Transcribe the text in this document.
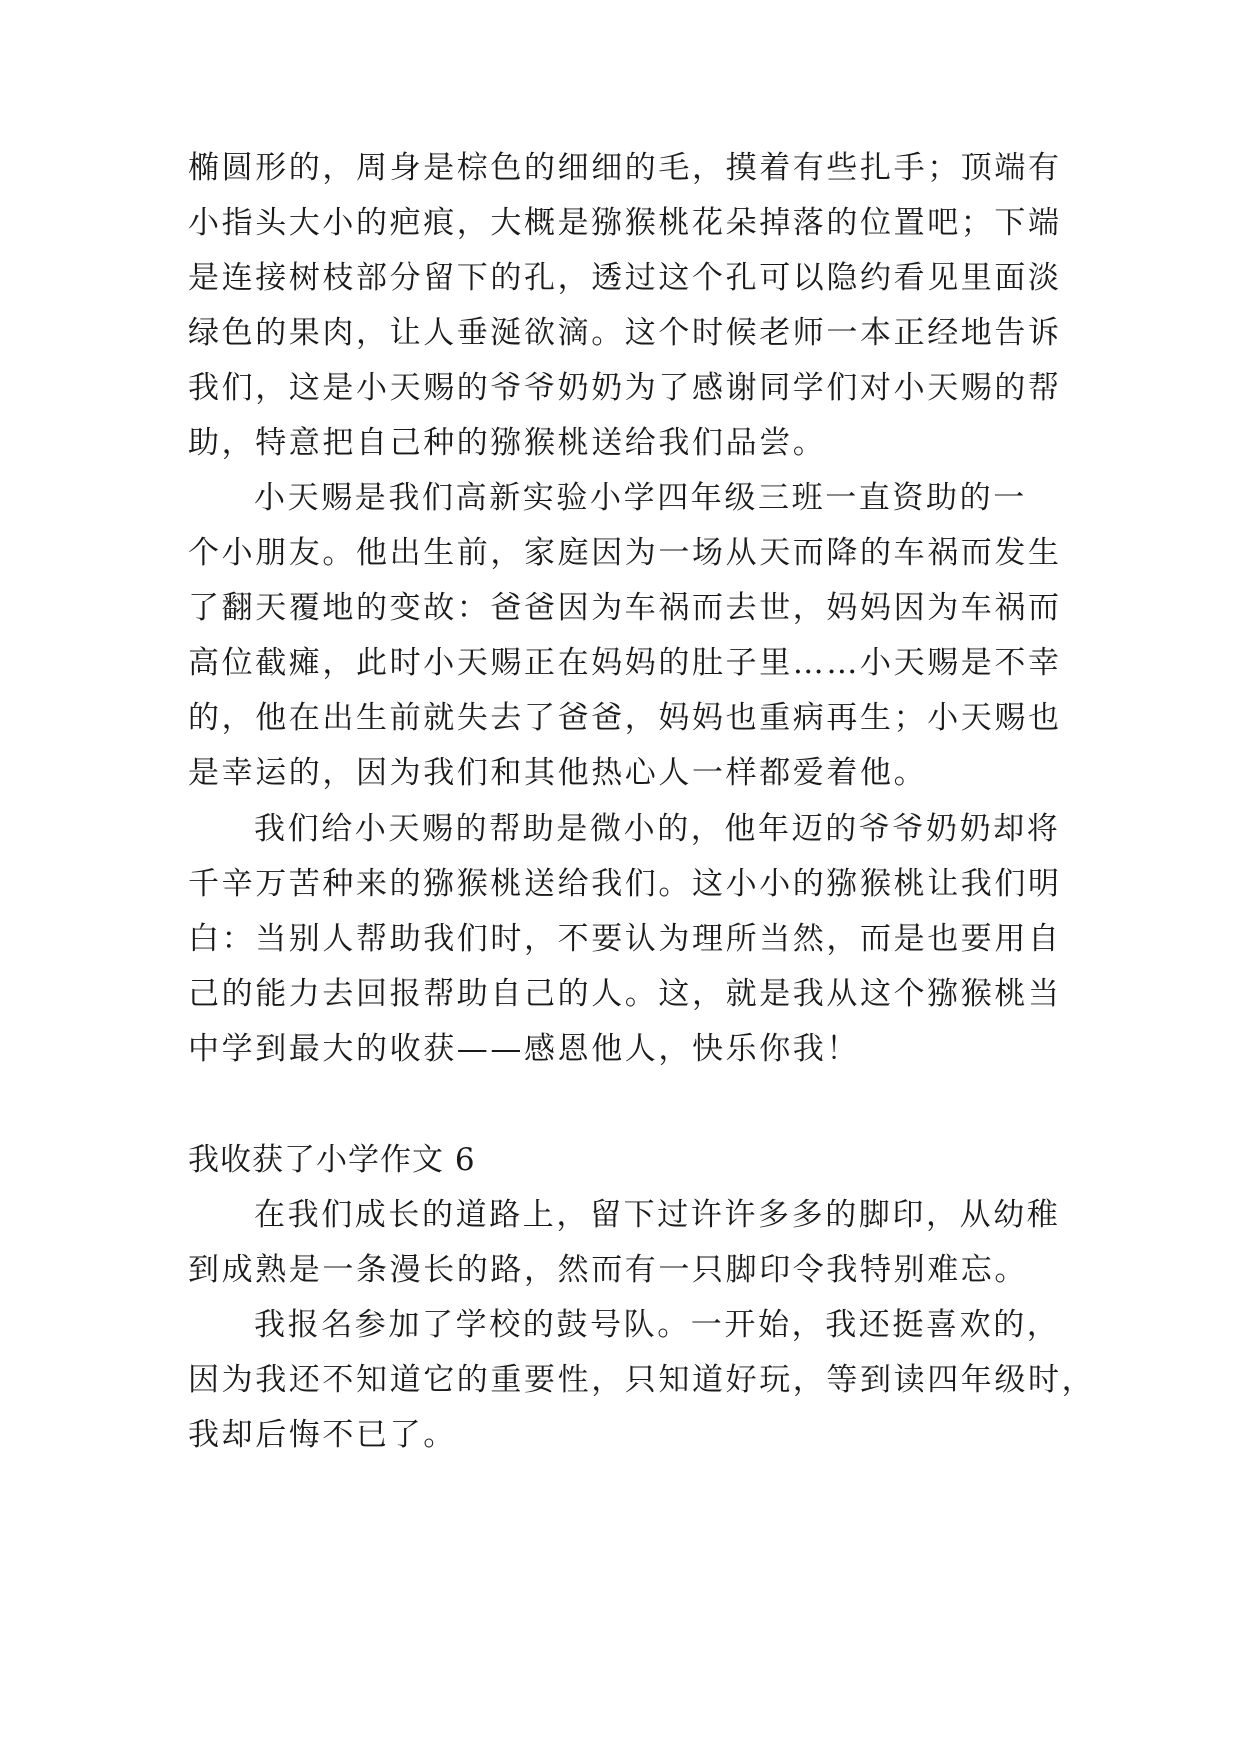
椭圆形的，周身是棕色的细细的毛，摸着有些扎手；顶端有
小指头大小的疤痕，大概是猕猴桃花朵掉落的位置吧；下端
是连接树枝部分留下的孔，透过这个孔可以隐约看见里面淡
绿色的果肉，让人垂涎欲滴。这个时候老师一本正经地告诉
我们，这是小天赐的爷爷奶奶为了感谢同学们对小天赐的帮
助，特意把自己种的猕猴桃送给我们品尝。
小天赐是我们高新实验小学四年级三班一直资助的一
个小朋友。他出生前，家庭因为一场从天而降的车祸而发生
了翻天覆地的变故：爸爸因为车祸而去世，妈妈因为车祸而
高位截瘫，此时小天赐正在妈妈的肚子里……小天赐是不幸
的，他在出生前就失去了爸爸，妈妈也重病再生；小天赐也
是幸运的，因为我们和其他热心人一样都爱着他。
我们给小天赐的帮助是微小的，他年迈的爷爷奶奶却将
千辛万苦种来的猕猴桃送给我们。这小小的猕猴桃让我们明
白：当别人帮助我们时，不要认为理所当然，而是也要用自
己的能力去回报帮助自己的人。这，就是我从这个猕猴桃当
中学到最大的收获——感恩他人，快乐你我！
我收获了小学作文 6
在我们成长的道路上，留下过许许多多的脚印，从幼稚
到成熟是一条漫长的路，然而有一只脚印令我特别难忘。
我报名参加了学校的鼓号队。一开始，我还挺喜欢的，
因为我还不知道它的重要性，只知道好玩，等到读四年级时，
我却后悔不已了。
